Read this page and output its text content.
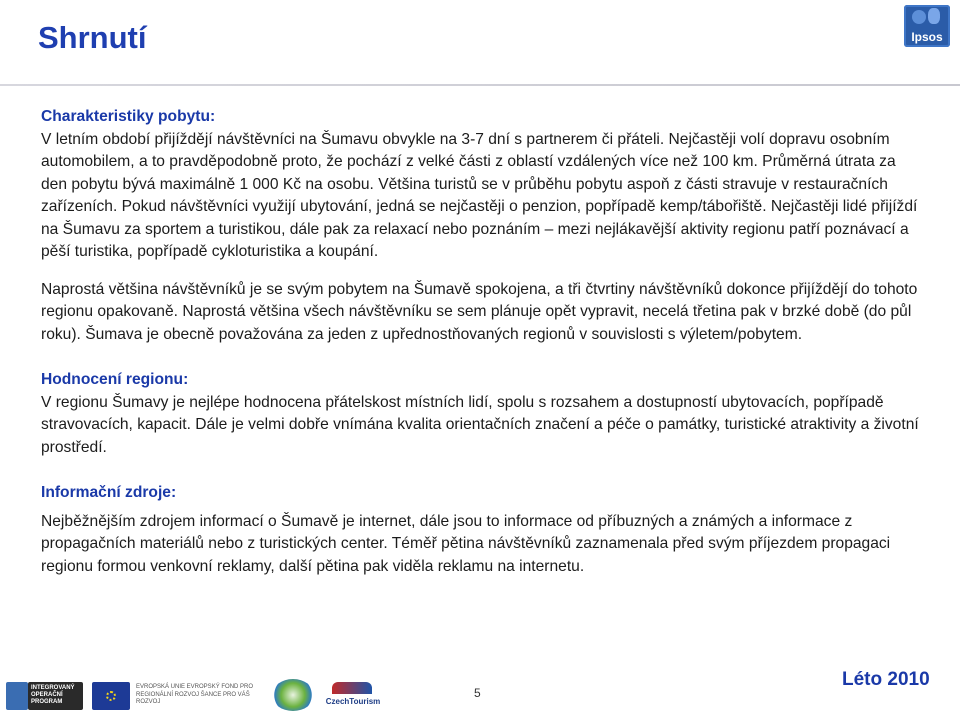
Shrnutí	Ipsos
Charakteristiky pobytu:

V letním období přijíždějí návštěvníci na Šumavu obvykle na 3-7 dní s partnerem či přáteli. Nejčastěji volí dopravu osobním automobilem, a to pravděpodobně proto, že pochází z velké části z oblastí vzdálených více než 100 km. Průměrná útrata za den pobytu bývá maximálně 1 000 Kč na osobu. Většina turistů se v průběhu pobytu aspoň z části stravuje v restauračních zařízeních. Pokud návštěvníci využijí ubytování, jedná se nejčastěji o penzion, popřípadě kemp/tábořiště. Nejčastěji lidé přijíždí na Šumavu za sportem a turistikou, dále pak za relaxací nebo poznáním – mezi nejlákavější aktivity regionu patří poznávací a pěší turistika, popřípadě cykloturistika a koupání.

Naprostá většina návštěvníků je se svým pobytem na Šumavě spokojena, a tři čtvrtiny návštěvníků dokonce přijíždějí do tohoto regionu opakovaně. Naprostá většina všech návštěvníku se sem plánuje opět vypravit, necelá třetina pak v brzké době (do půl roku). Šumava je obecně považována za jeden z upřednostňovaných regionů v souvislosti s výletem/pobytem.

Hodnocení regionu:

V regionu Šumavy je nejlépe hodnocena přátelskost místních lidí, spolu s rozsahem a dostupností ubytovacích, popřípadě stravovacích, kapacit. Dále je velmi dobře vnímána kvalita orientačních značení a péče o památky, turistické atraktivity a životní prostředí.

Informační zdroje:

Nejběžnějším zdrojem informací o Šumavě je internet, dále jsou to informace od příbuzných a známých a informace z propagačních materiálů nebo z turistických center. Téměř pětina návštěvníků zaznamenala před svým příjezdem propagaci regionu formou venkovní reklamy, další pětina pak viděla reklamu na internetu.

INTEGROVANÝ OPERAČNÍ PROGRAM
EVROPSKÁ UNIE EVROPSKÝ FOND PRO REGIONÁLNÍ ROZVOJ ŠANCE PRO VÁŠ ROZVOJ	CzechTourism
5
Léto 2010
